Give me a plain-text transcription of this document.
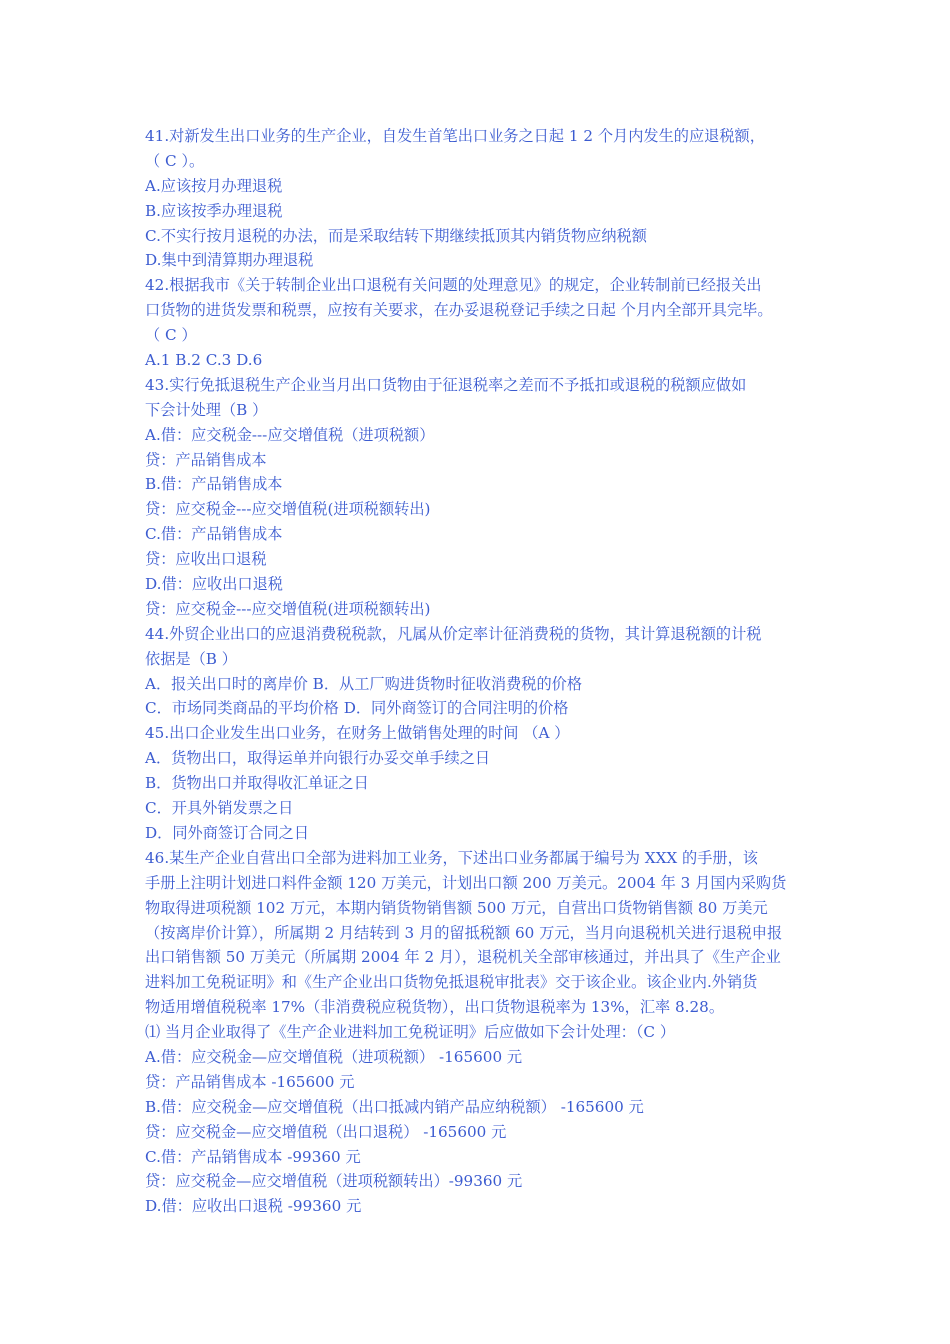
41.对新发生出口业务的生产企业，自发生首笔出口业务之日起 1 2 个月内发生的应退税额，
（ C ）。
A.应该按月办理退税
B.应该按季办理退税
C.不实行按月退税的办法，而是采取结转下期继续抵顶其内销货物应纳税额
D.集中到清算期办理退税
42.根据我市《关于转制企业出口退税有关问题的处理意见》的规定，企业转制前已经报关出
口货物的进货发票和税票，应按有关要求，在办妥退税登记手续之日起 个月内全部开具完毕。
（ C ）
A.1 B.2 C.3 D.6
43.实行免抵退税生产企业当月出口货物由于征退税率之差而不予抵扣或退税的税额应做如
下会计处理（B ）
A.借：应交税金---应交增值税（进项税额）
贷：产品销售成本
B.借：产品销售成本
贷：应交税金---应交增值税(进项税额转出)
C.借：产品销售成本
贷：应收出口退税
D.借：应收出口退税
贷：应交税金---应交增值税(进项税额转出)
44.外贸企业出口的应退消费税税款，凡属从价定率计征消费税的货物，其计算退税额的计税
依据是（B ）
A．报关出口时的离岸价 B．从工厂购进货物时征收消费税的价格
C．市场同类商品的平均价格 D．同外商签订的合同注明的价格
45.出口企业发生出口业务，在财务上做销售处理的时间 （A ）
A．货物出口，取得运单并向银行办妥交单手续之日
B．货物出口并取得收汇单证之日
C．开具外销发票之日
D．同外商签订合同之日
46.某生产企业自营出口全部为进料加工业务，下述出口业务都属于编号为 XXX 的手册，该
手册上注明计划进口料件金额 120 万美元，计划出口额 200 万美元。2004 年 3 月国内采购货
物取得进项税额 102 万元，本期内销货物销售额 500 万元，自营出口货物销售额 80 万美元
（按离岸价计算），所属期 2 月结转到 3 月的留抵税额 60 万元，当月向退税机关进行退税申报
出口销售额 50 万美元（所属期 2004 年 2 月），退税机关全部审核通过，并出具了《生产企业
进料加工免税证明》和《生产企业出口货物免抵退税审批表》交于该企业。该企业内.外销货
物适用增值税税率 17%（非消费税应税货物），出口货物退税率为 13%，汇率 8.28。
⑴ 当月企业取得了《生产企业进料加工免税证明》后应做如下会计处理：（C ）
A.借：应交税金—应交增值税（进项税额） -165600 元
贷：产品销售成本 -165600 元
B.借：应交税金—应交增值税（出口抵减内销产品应纳税额） -165600 元
贷：应交税金—应交增值税（出口退税） -165600 元
C.借：产品销售成本 -99360 元
贷：应交税金—应交增值税（进项税额转出）-99360 元
D.借：应收出口退税 -99360 元
